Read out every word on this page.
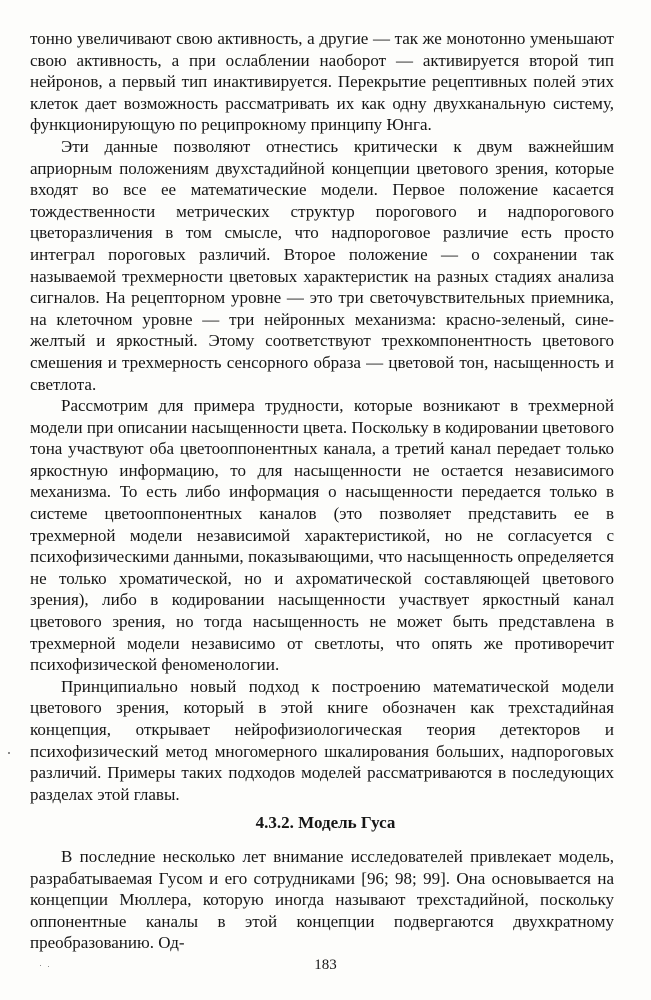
тонно увеличивают свою активность, а другие — так же монотонно уменьшают свою активность, а при ослаблении наоборот — активируется второй тип нейронов, а первый тип инактивируется. Перекрытие рецептивных полей этих клеток дает возможность рассматривать их как одну двухканальную систему, функционирующую по реципрокному принципу Юнга.

Эти данные позволяют отнестись критически к двум важнейшим априорным положениям двухстадийной концепции цветового зрения, которые входят во все ее математические модели. Первое положение касается тождественности метрических структур порогового и надпорогового цветоразличения в том смысле, что надпороговое различие есть просто интеграл пороговых различий. Второе положение — о сохранении так называемой трехмерности цветовых характеристик на разных стадиях анализа сигналов. На рецепторном уровне — это три светочувствительных приемника, на клеточном уровне — три нейронных механизма: красно-зеленый, сине-желтый и яркостный. Этому соответствуют трехкомпонентность цветового смешения и трехмерность сенсорного образа — цветовой тон, насыщенность и светлота.

Рассмотрим для примера трудности, которые возникают в трехмерной модели при описании насыщенности цвета. Поскольку в кодировании цветового тона участвуют оба цветооппонентных канала, а третий канал передает только яркостную информацию, то для насыщенности не остается независимого механизма. То есть либо информация о насыщенности передается только в системе цветооппонентных каналов (это позволяет представить ее в трехмерной модели независимой характеристикой, но не согласуется с психофизическими данными, показывающими, что насыщенность определяется не только хроматической, но и ахроматической составляющей цветового зрения), либо в кодировании насыщенности участвует яркостный канал цветового зрения, но тогда насыщенность не может быть представлена в трехмерной модели независимо от светлоты, что опять же противоречит психофизической феноменологии.

Принципиально новый подход к построению математической модели цветового зрения, который в этой книге обозначен как трехстадийная концепция, открывает нейрофизиологическая теория детекторов и психофизический метод многомерного шкалирования больших, надпороговых различий. Примеры таких подходов моделей рассматриваются в последующих разделах этой главы.

4.3.2. Модель Гуса

В последние несколько лет внимание исследователей привлекает модель, разрабатываемая Гусом и его сотрудниками [96; 98; 99]. Она основывается на концепции Мюллера, которую иногда называют трехстадийной, поскольку оппонентные каналы в этой концепции подвергаются двухкратному преобразованию. Од-

183
